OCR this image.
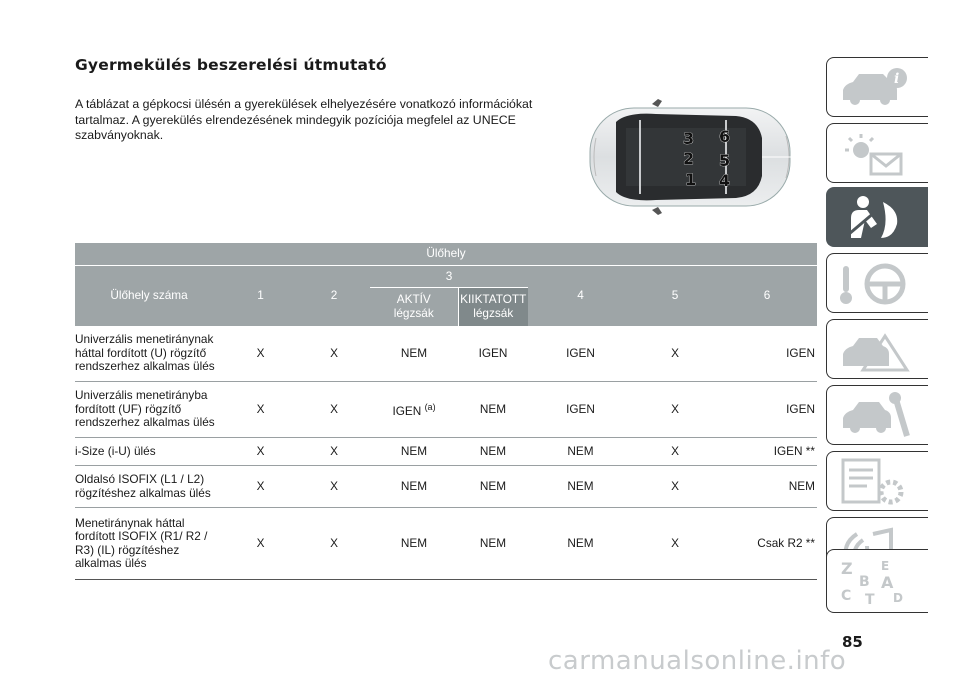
Gyermekülés beszerelési útmutató

A táblázat a gépkocsi ülésén a gyerekülések elhelyezésére vonatkozó információkat tartalmaz. A gyerekülés elrendezésének mindegyik pozíciója megfelel az UNECE szabványoknak.	3 6
2 5
1 4
Ülőhely							
Ülőhely száma	1	2	3		4	5	6
			AKTÍV
légzsák	KIIKTATOTT
légzsák			
Univerzális menetiránynak háttal fordított (U) rögzítő rendszerhez alkalmas ülés	X	X	NEM	IGEN	IGEN	X	IGEN
Univerzális menetirányba fordított (UF) rögzítő rendszerhez alkalmas ülés	X	X	IGEN $^{(a)}$	NEM	IGEN	X	IGEN
i-Size (i-U) ülés	X	X	NEM	NEM	NEM	X	IGEN **
Oldalsó ISOFIX (L1 / L2) rögzítéshez alkalmas ülés	X	X	NEM	NEM	NEM	X	NEM
Menetiránynak háttal fordított ISOFIX (R1/ R2 / R3) (IL) rögzítéshez alkalmas ülés	X	X	NEM	NEM	NEM	X	Csak R2 **
i
!
Z E
B A
C T D
85
carmanualsonline.info
